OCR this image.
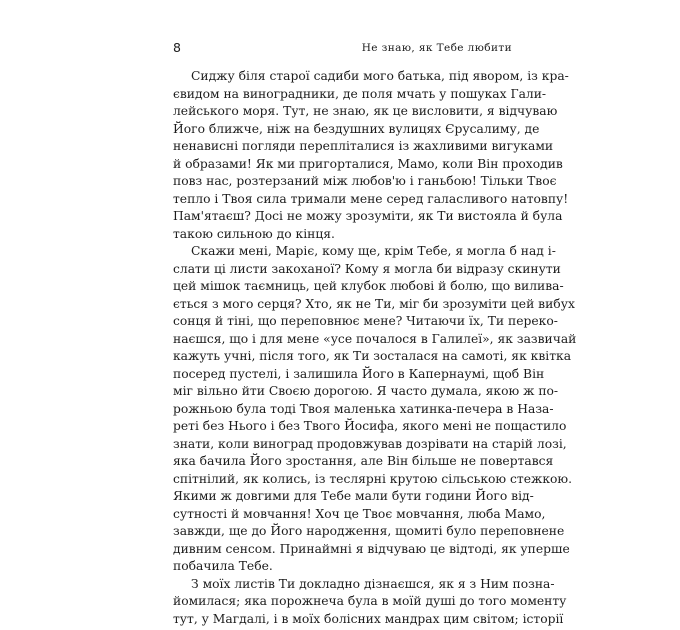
8	Не знаю, як Тебе любити
Сиджу біля старої садиби мого батька, під явором, із кра-
євидом на виноградники, де поля мчать у пошуках Гали-
лейського моря. Тут, не знаю, як це висловити, я відчуваю
Його ближче, ніж на бездушних вулицях Єрусалиму, де
ненависні погляди перепліталися із жахливими вигуками
й образами! Як ми пригорталися, Мамо, коли Він проходив
повз нас, розтерзаний між любов'ю і ганьбою! Тільки Твоє
тепло і Твоя сила тримали мене серед галасливого натовпу!
Пам'ятаєш? Досі не можу зрозуміти, як Ти вистояла й була
такою сильною до кінця.
Скажи мені, Маріє, кому ще, крім Тебе, я могла б над і-
слати ці листи закоханої? Кому я могла би відразу скинути
цей мішок таємниць, цей клубок любові й болю, що вилива-
ється з мого серця? Хто, як не Ти, міг би зрозуміти цей вибух
сонця й тіні, що переповнює мене? Читаючи їх, Ти переко-
наєшся, що і для мене «усе почалося в Галилеї», як зазвичай
кажуть учні, після того, як Ти зосталася на самоті, як квітка
посеред пустелі, і залишила Його в Капернаумі, щоб Він
міг вільно йти Своєю дорогою. Я часто думала, якою ж по-
рожньою була тоді Твоя маленька хатинка-печера в Наза-
реті без Нього і без Твого Йосифа, якого мені не пощастило
знати, коли виноград продовжував дозрівати на старій лозі,
яка бачила Його зростання, але Він більше не повертався
спітнілий, як колись, із теслярні крутою сільською стежкою.
Якими ж довгими для Тебе мали бути години Його від-
сутності й мовчання! Хоч це Твоє мовчання, люба Мамо,
завжди, ще до Його народження, щомиті було переповнене
дивним сенсом. Принаймні я відчуваю це відтоді, як уперше
побачила Тебе.
З моїх листів Ти докладно дізнаєшся, як я з Ним позна-
йомилася; яка порожнеча була в моїй душі до того моменту
тут, у Магдалі, і в моїх болісних мандрах цим світом; історії
